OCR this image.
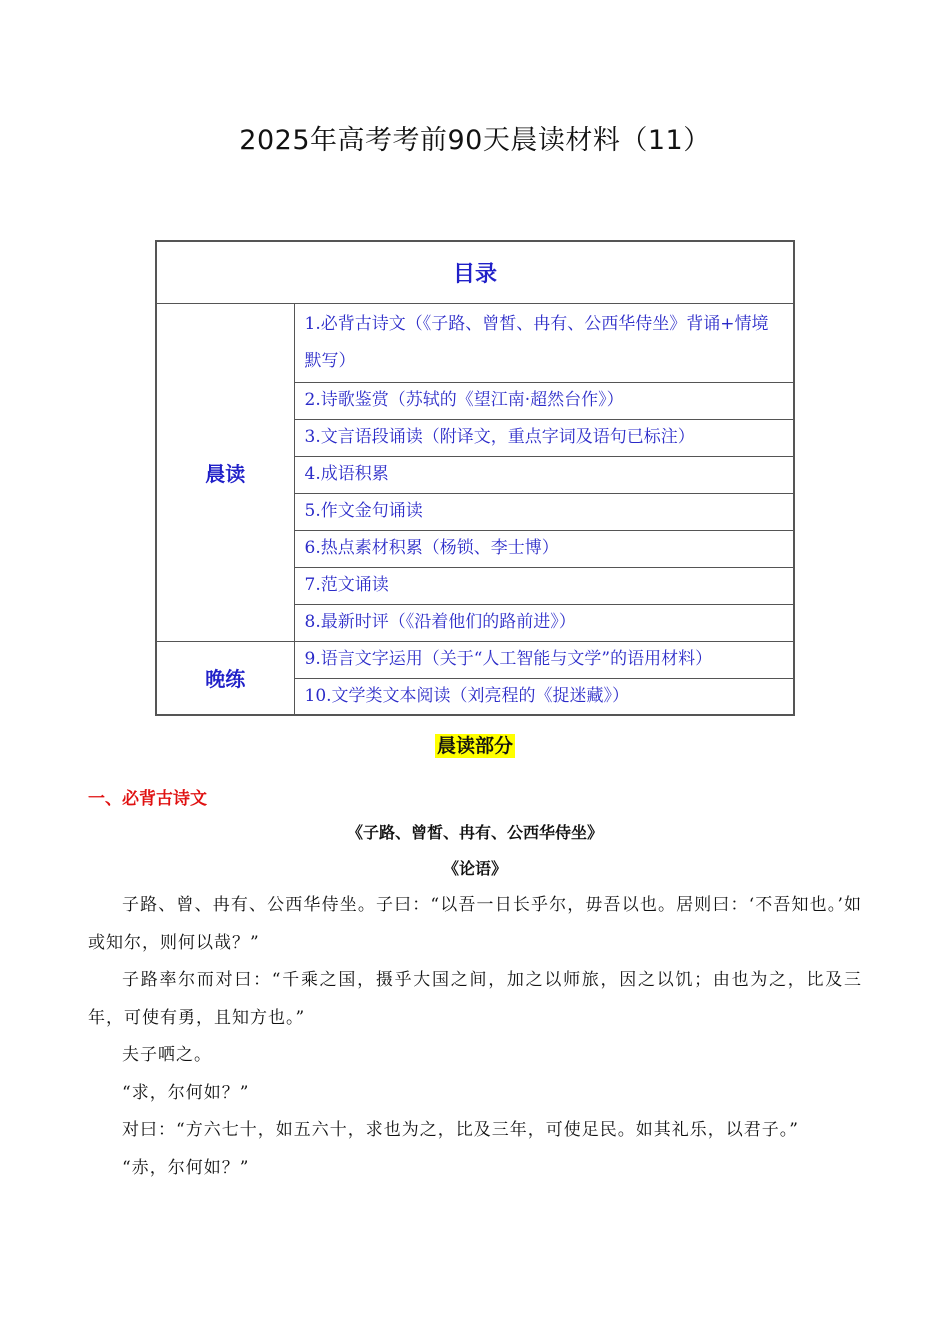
2025年高考考前90天晨读材料（11）
目录	
晨读	1.必背古诗文（《子路、曾皙、冉有、公西华侍坐》背诵+情境默写）
	2.诗歌鉴赏（苏轼的《望江南·超然台作》）
	3.文言语段诵读（附译文，重点字词及语句已标注）
	4.成语积累
	5.作文金句诵读
	6.热点素材积累（杨锁、李士博）
	7.范文诵读
	8.最新时评（《沿着他们的路前进》）
晚练	9.语言文字运用（关于“人工智能与文学”的语用材料）
	10.文学类文本阅读（刘亮程的《捉迷藏》）
晨读部分
一、必背古诗文
《子路、曾皙、冉有、公西华侍坐》
《论语》

子路、曾、冉有、公西华侍坐。子曰：“以吾一日长乎尔，毋吾以也。居则曰：‘不吾知也。’如或知尔，则何以哉？”

子路率尔而对曰：“千乘之国，摄乎大国之间，加之以师旅，因之以饥；由也为之，比及三年，可使有勇，且知方也。”

夫子哂之。

“求，尔何如？”

对曰：“方六七十，如五六十，求也为之，比及三年，可使足民。如其礼乐，以君子。”

“赤，尔何如？”
